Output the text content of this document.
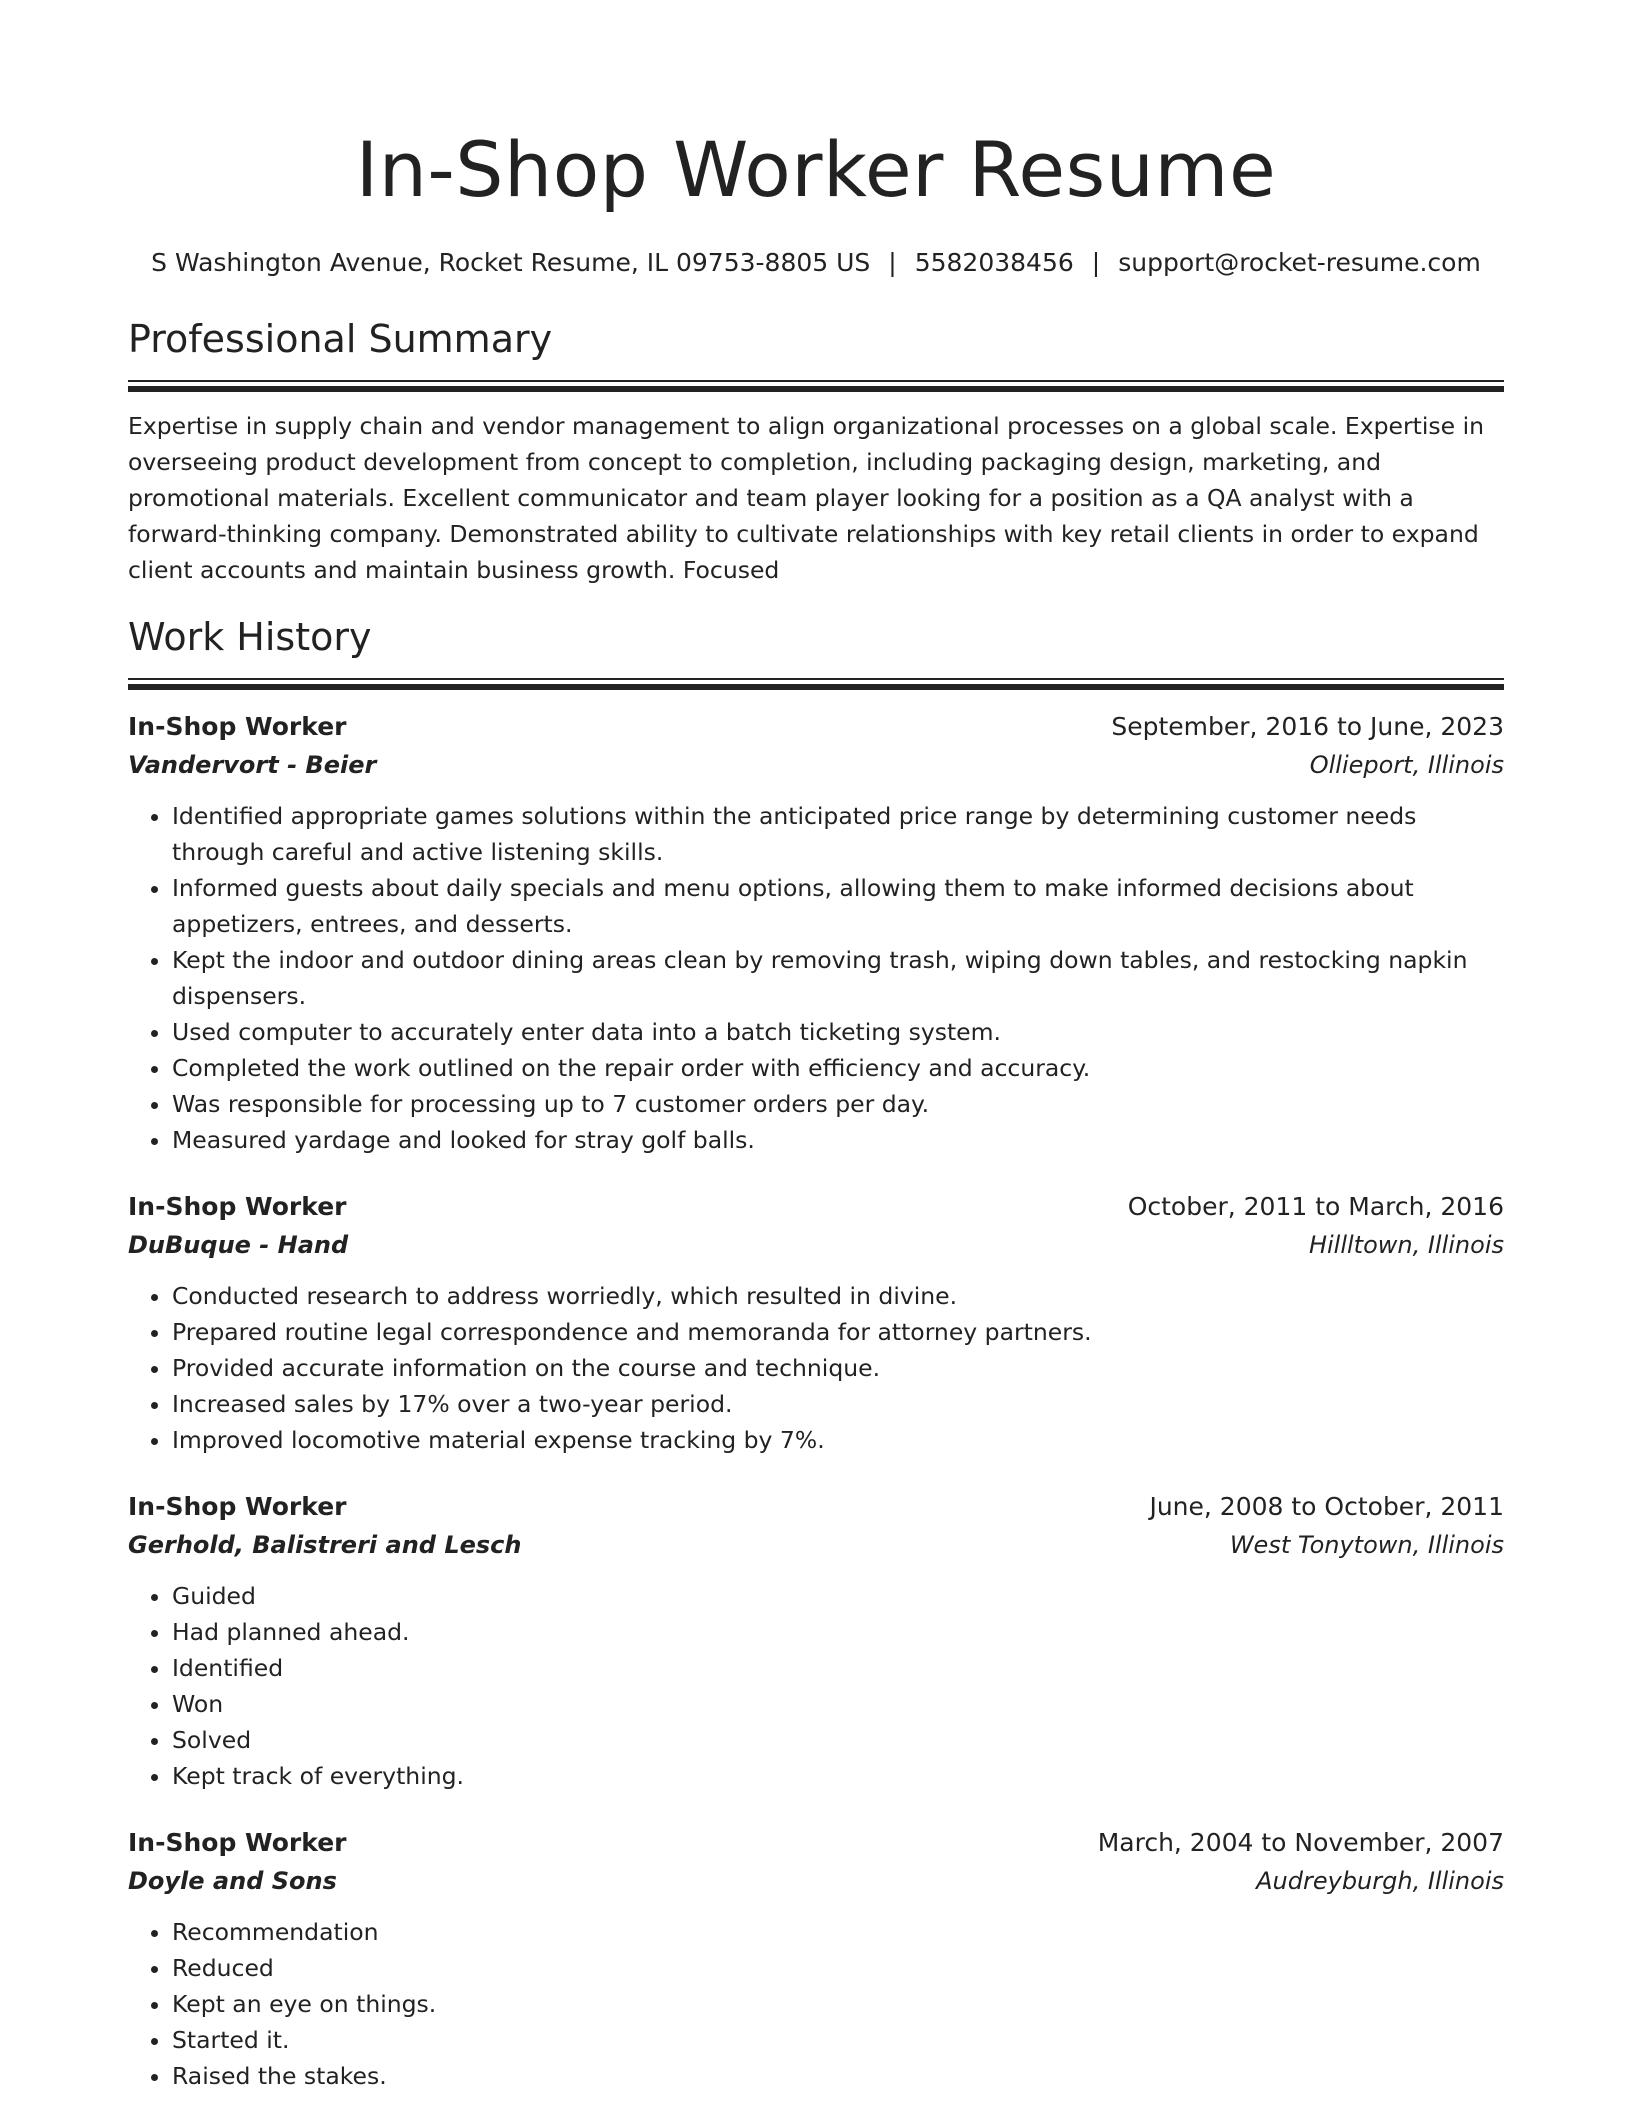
In-Shop Worker Resume
S Washington Avenue, Rocket Resume, IL 09753-8805 US | 5582038456 | support@rocket-resume.com
Professional Summary

Expertise in supply chain and vendor management to align organizational processes on a global scale. Expertise in overseeing product development from concept to completion, including packaging design, marketing, and promotional materials. Excellent communicator and team player looking for a position as a QA analyst with a forward-thinking company. Demonstrated ability to cultivate relationships with key retail clients in order to expand client accounts and maintain business growth. Focused

Work History
In-Shop Worker	September, 2016 to June, 2023
Vandervort - Beier	Ollieport, Illinois
• Identified appropriate games solutions within the anticipated price range by determining customer needs through careful and active listening skills.
• Informed guests about daily specials and menu options, allowing them to make informed decisions about appetizers, entrees, and desserts.
• Kept the indoor and outdoor dining areas clean by removing trash, wiping down tables, and restocking napkin dispensers.
• Used computer to accurately enter data into a batch ticketing system.
• Completed the work outlined on the repair order with efficiency and accuracy.
• Was responsible for processing up to 7 customer orders per day.
• Measured yardage and looked for stray golf balls.
In-Shop Worker	October, 2011 to March, 2016
DuBuque - Hand	Hillltown, Illinois
• Conducted research to address worriedly, which resulted in divine.
• Prepared routine legal correspondence and memoranda for attorney partners.
• Provided accurate information on the course and technique.
• Increased sales by 17% over a two-year period.
• Improved locomotive material expense tracking by 7%.
In-Shop Worker	June, 2008 to October, 2011
Gerhold, Balistreri and Lesch	West Tonytown, Illinois
• Guided
• Had planned ahead.
• Identified
• Won
• Solved
• Kept track of everything.
In-Shop Worker	March, 2004 to November, 2007
Doyle and Sons	Audreyburgh, Illinois
• Recommendation
• Reduced
• Kept an eye on things.
• Started it.
• Raised the stakes.
